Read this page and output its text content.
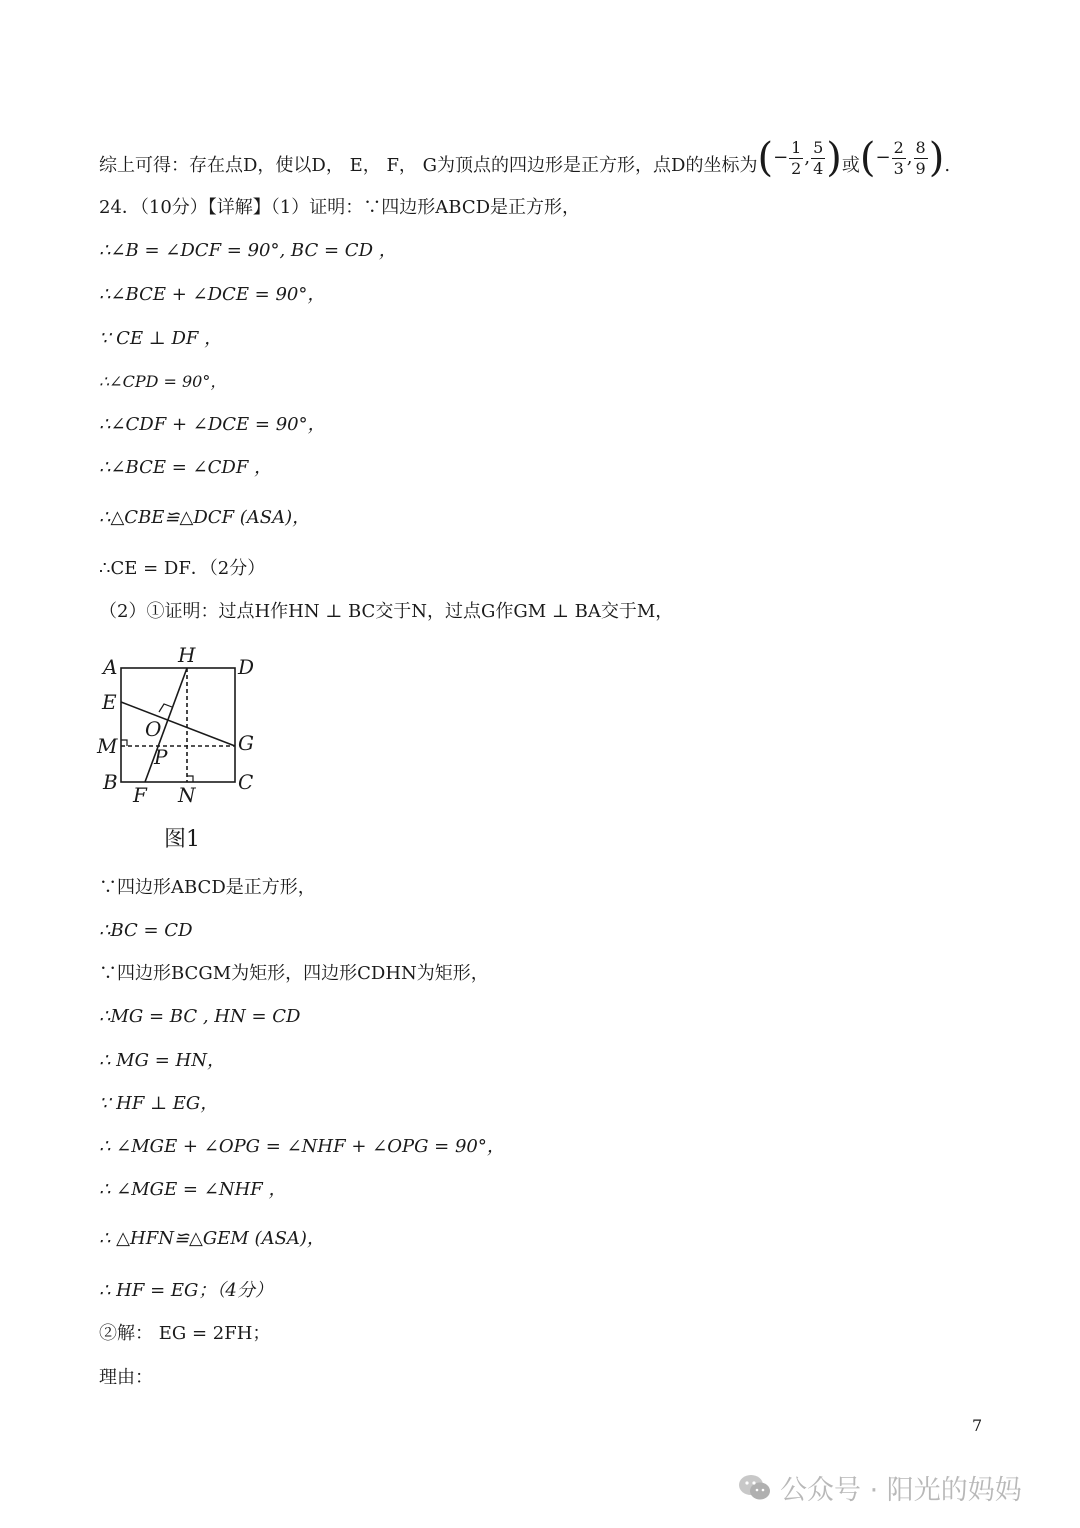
综上可得：存在点D，使以D， E， F， G为顶点的四边形是正方形，点D的坐标为 ( − $\frac{1}{2}$ , $\frac{5}{4}$ ) 或 ( − $\frac{2}{3}$ , $\frac{8}{9}$ ) .
24．（10分）【详解】（1）证明：∵四边形ABCD是正方形，
∴∠B = ∠DCF = 90°, BC = CD ，
∴∠BCE + ∠DCE = 90°，
∵ CE ⊥ DF ，
∴∠CPD = 90°，
∴∠CDF + ∠DCE = 90°，
∴∠BCE = ∠CDF ，
∴△CBE≌△DCF (ASA)，
∴CE = DF．（2分）
（2）①证明：过点H作HN ⊥ BC交于N，过点G作GM ⊥ BA交于M，
A	H D
E
O
M	G
P
B
F N
C
图1
∵四边形ABCD是正方形，
∴BC = CD
∵四边形BCGM为矩形，四边形CDHN为矩形，
∴MG = BC , HN = CD
∴ MG = HN，
∵ HF ⊥ EG，
∴ ∠MGE + ∠OPG = ∠NHF + ∠OPG = 90°，
∴ ∠MGE = ∠NHF ，
∴ △HFN≌△GEM (ASA)，
∴ HF = EG；（4分）
②解： EG = 2FH；
理由：
7
公众号 · 阳光的妈妈
